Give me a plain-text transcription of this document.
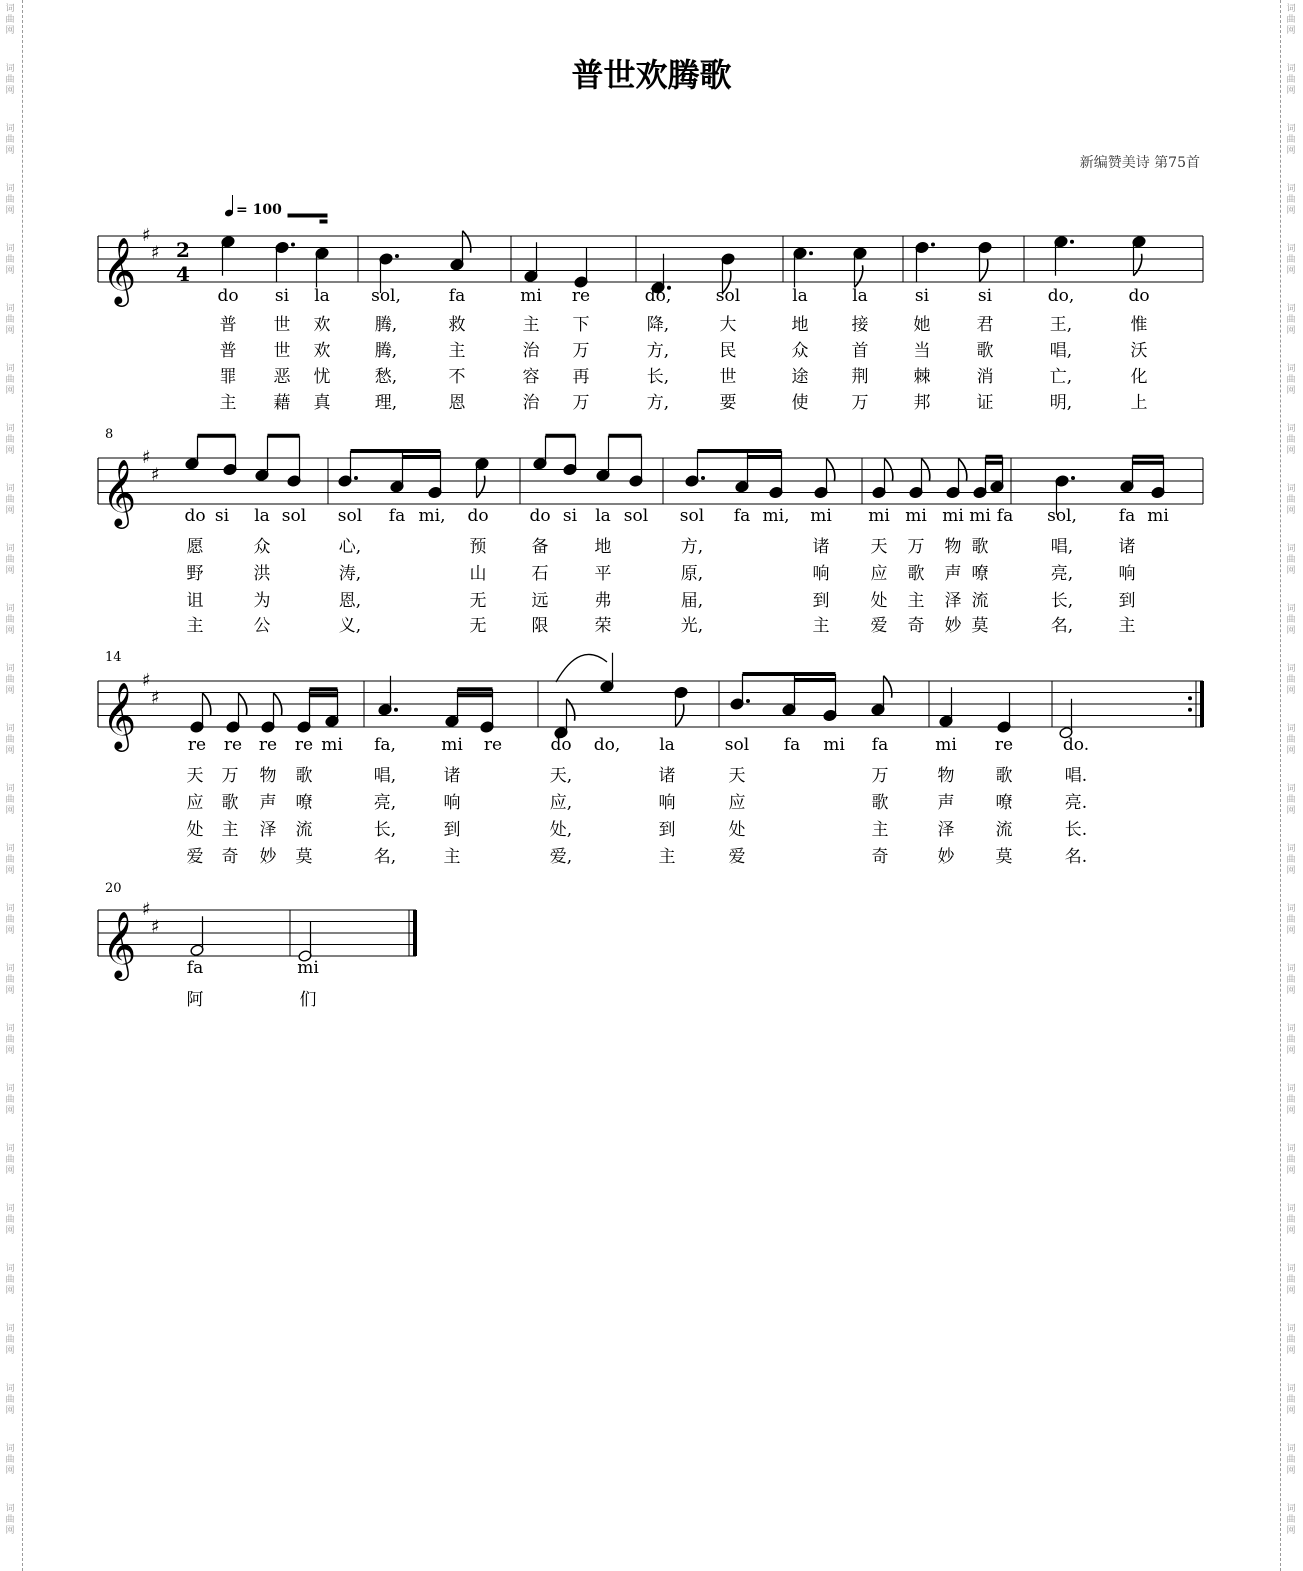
词
曲
网
词
曲
网
词
曲
网
词
曲
网
词
曲
网
词
曲
网
词
曲
网
词
曲
网
词
曲
网
词
曲
网
词
曲
网
词
曲
网
词
曲
网
词
曲
网
词
曲
网
词
曲
网
词
曲
网
词
曲
网
词
曲
网
词
曲
网
词
曲
网
词
曲
网
词
曲
网
词
曲
网
词
曲
网
词
曲
网
词
曲
网
词
曲
网
词
曲
网
词
曲
网
词
曲
网
词
曲
网
词
曲
网
词
曲
网
词
曲
网
词
曲
网
词
曲
网
词
曲
网
词
曲
网
词
曲
网
词
曲
网
词
曲
网
词
曲
网
词
曲
网
词
曲
网
词
曲
网
词
曲
网
词
曲
网
词
曲
网
词
曲
网
词
曲
网
词
曲
网
普世欢腾歌
新编赞美诗 第75首
𝄞
♯
♯
𝄞
♯
♯
𝄞
♯
♯
𝄞
♯
♯
2
4
= 100
8
14
20
do si la sol,	fa	mi re	do,	sol	la	la	si	si	do,	do
普 世 欢	腾,	救	主 下	降,	大	地	接	她	君	王,	惟
普 世 欢	腾,	主	治 万	方,	民	众	首	当	歌	唱,	沃
罪 恶 忧	愁,	不	容 再	长,	世	途	荆	棘	消	亡,	化
主 藉 真	理,	恩	治 万	方,	要	使	万	邦	证	明,	上
do si la sol sol fa mi, do do si la sol sol fa mi, mi mi mi mi mi fa sol, fa mi
愿	众	心,	预	备	地	方,	诸 天 万 物 歌	唱,	诸
野	洪	涛,	山	石	平	原,	响 应 歌 声 嘹	亮,	响
诅	为	恩,	无	远	弗	届,	到 处 主 泽 流	长,	到
主	公	义,	无	限	荣	光,	主 爱 奇 妙 莫	名,	主
re re re re mi fa,	mi re	do do, la	sol fa mi fa	mi re	do.
天 万 物 歌	唱,	诸	天,	诸	天	万	物 歌	唱.
应 歌 声 嘹	亮,	响	应,	响	应	歌	声 嘹	亮.
处 主 泽 流	长,	到	处,	到	处	主	泽 流	长.
爱 奇 妙 莫	名,	主	爱,	主	爱	奇	妙 莫	名.
fa	mi
阿	们
